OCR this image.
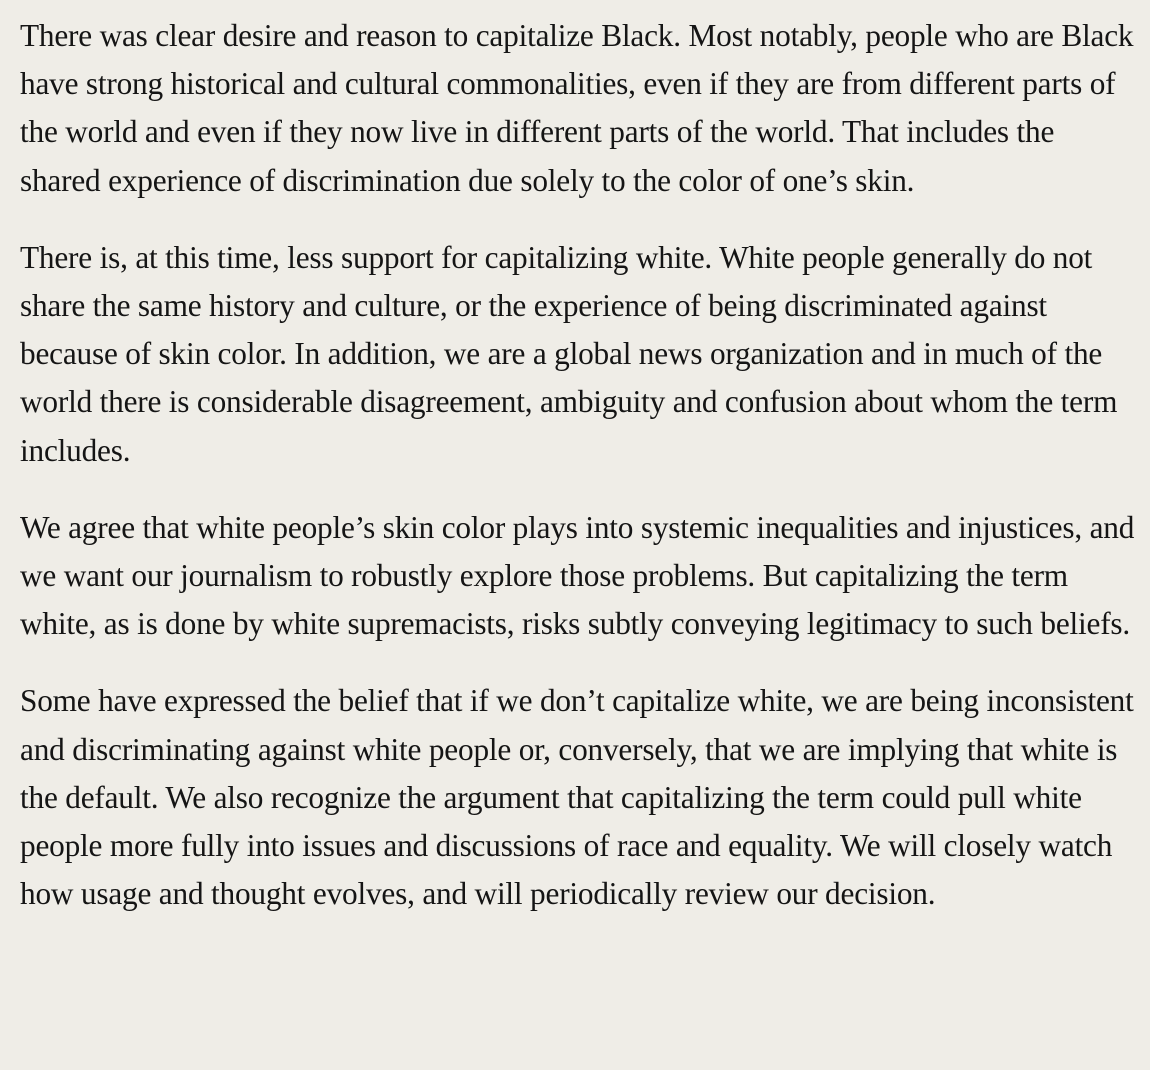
There was clear desire and reason to capitalize Black. Most notably, people who are Black have strong historical and cultural commonalities, even if they are from different parts of the world and even if they now live in different parts of the world. That includes the shared experience of discrimination due solely to the color of one’s skin.

There is, at this time, less support for capitalizing white. White people generally do not share the same history and culture, or the experience of being discriminated against because of skin color. In addition, we are a global news organization and in much of the world there is considerable disagreement, ambiguity and confusion about whom the term includes.

We agree that white people’s skin color plays into systemic inequalities and injustices, and we want our journalism to robustly explore those problems. But capitalizing the term white, as is done by white supremacists, risks subtly conveying legitimacy to such beliefs.

Some have expressed the belief that if we don’t capitalize white, we are being inconsistent and discriminating against white people or, conversely, that we are implying that white is the default. We also recognize the argument that capitalizing the term could pull white people more fully into issues and discussions of race and equality. We will closely watch how usage and thought evolves, and will periodically review our decision.
